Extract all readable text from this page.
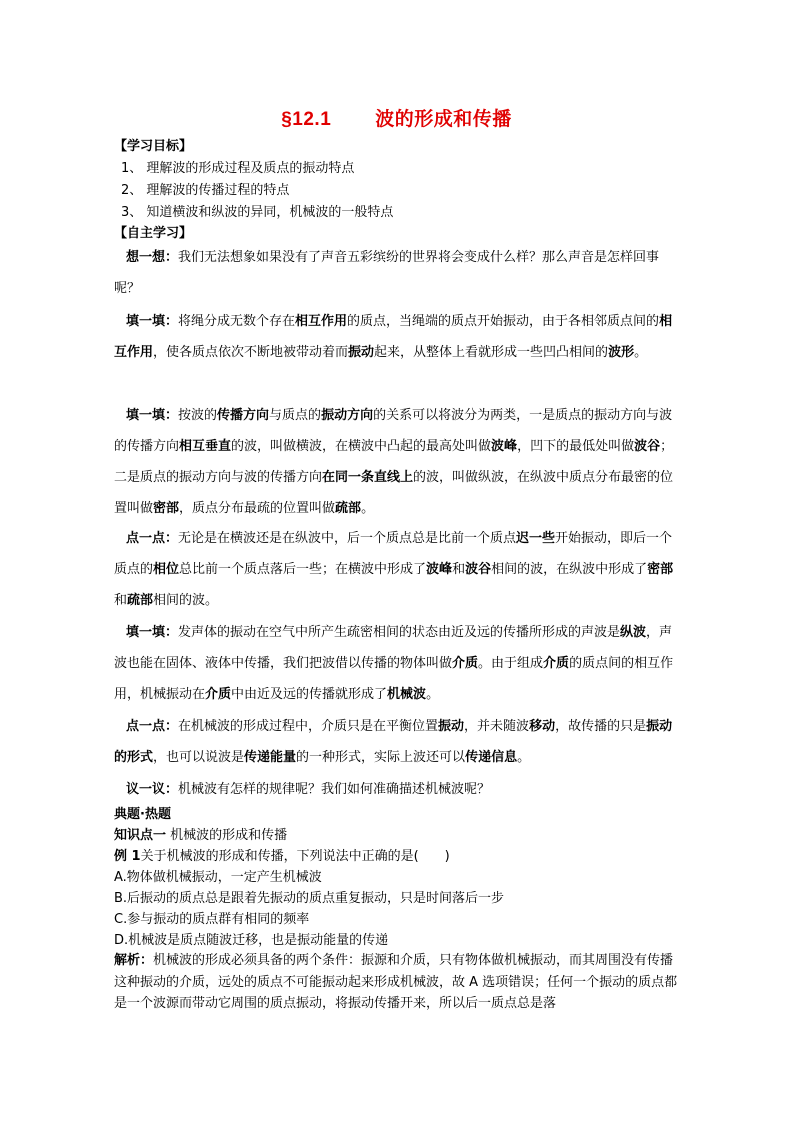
§12.1 波的形成和传播
【学习目标】
1、 理解波的形成过程及质点的振动特点
2、 理解波的传播过程的特点
3、 知道横波和纵波的异同，机械波的一般特点
【自主学习】
想一想：我们无法想象如果没有了声音五彩缤纷的世界将会变成什么样？那么声音是怎样回事呢？
填一填：将绳分成无数个存在相互作用的质点，当绳端的质点开始振动，由于各相邻质点间的相互作用，使各质点依次不断地被带动着而振动起来，从整体上看就形成一些凹凸相间的波形。
填一填：按波的传播方向与质点的振动方向的关系可以将波分为两类，一是质点的振动方向与波的传播方向相互垂直的波，叫做横波，在横波中凸起的最高处叫做波峰，凹下的最低处叫做波谷；二是质点的振动方向与波的传播方向在同一条直线上的波，叫做纵波，在纵波中质点分布最密的位置叫做密部，质点分布最疏的位置叫做疏部。
点一点：无论是在横波还是在纵波中，后一个质点总是比前一个质点迟一些开始振动，即后一个质点的相位总比前一个质点落后一些；在横波中形成了波峰和波谷相间的波，在纵波中形成了密部和疏部相间的波。
填一填：发声体的振动在空气中所产生疏密相间的状态由近及远的传播所形成的声波是纵波，声波也能在固体、液体中传播，我们把波借以传播的物体叫做介质。由于组成介质的质点间的相互作用，机械振动在介质中由近及远的传播就形成了机械波。
点一点：在机械波的形成过程中，介质只是在平衡位置振动，并未随波移动，故传播的只是振动的形式，也可以说波是传递能量的一种形式，实际上波还可以传递信息。
议一议：机械波有怎样的规律呢？我们如何准确描述机械波呢？
典题·热题
知识点一 机械波的形成和传播
例 1关于机械波的形成和传播，下列说法中正确的是(　　)
A.物体做机械振动，一定产生机械波
B.后振动的质点总是跟着先振动的质点重复振动，只是时间落后一步
C.参与振动的质点群有相同的频率
D.机械波是质点随波迁移，也是振动能量的传递
解析：机械波的形成必须具备的两个条件：振源和介质，只有物体做机械振动，而其周围没有传播这种振动的介质，远处的质点不可能振动起来形成机械波，故 A 选项错误；任何一个振动的质点都是一个波源而带动它周围的质点振动，将振动传播开来，所以后一质点总是落
